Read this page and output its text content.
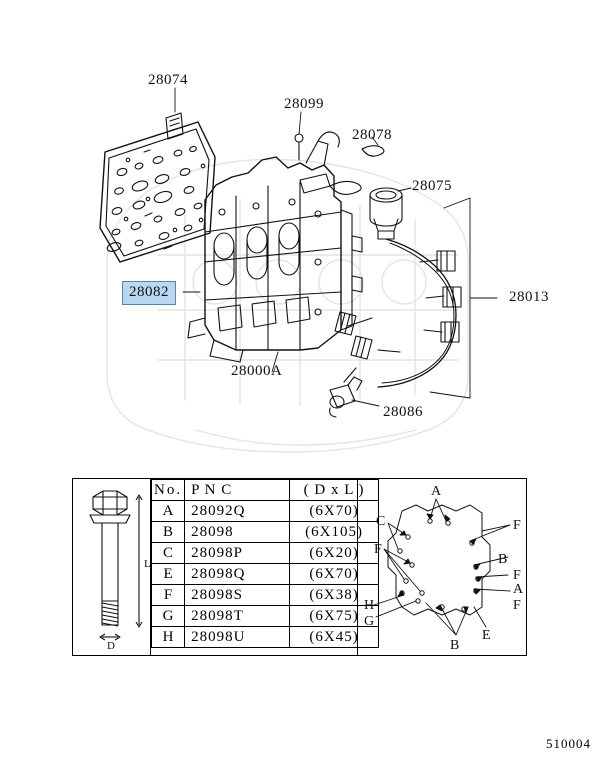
28074
28099
28078
28075
28013
28086
28000A
28082
L
D
No.	P N C	( D x L )
A	28092Q	(6X70)
B	28098	(6X105)
C	28098P	(6X20)
E	28098Q	(6X70)
F	28098S	(6X38)
G	28098T	(6X75)
H	28098U	(6X45)
A
C
F
F
B
F
A
F
H
G
B
E
510004
